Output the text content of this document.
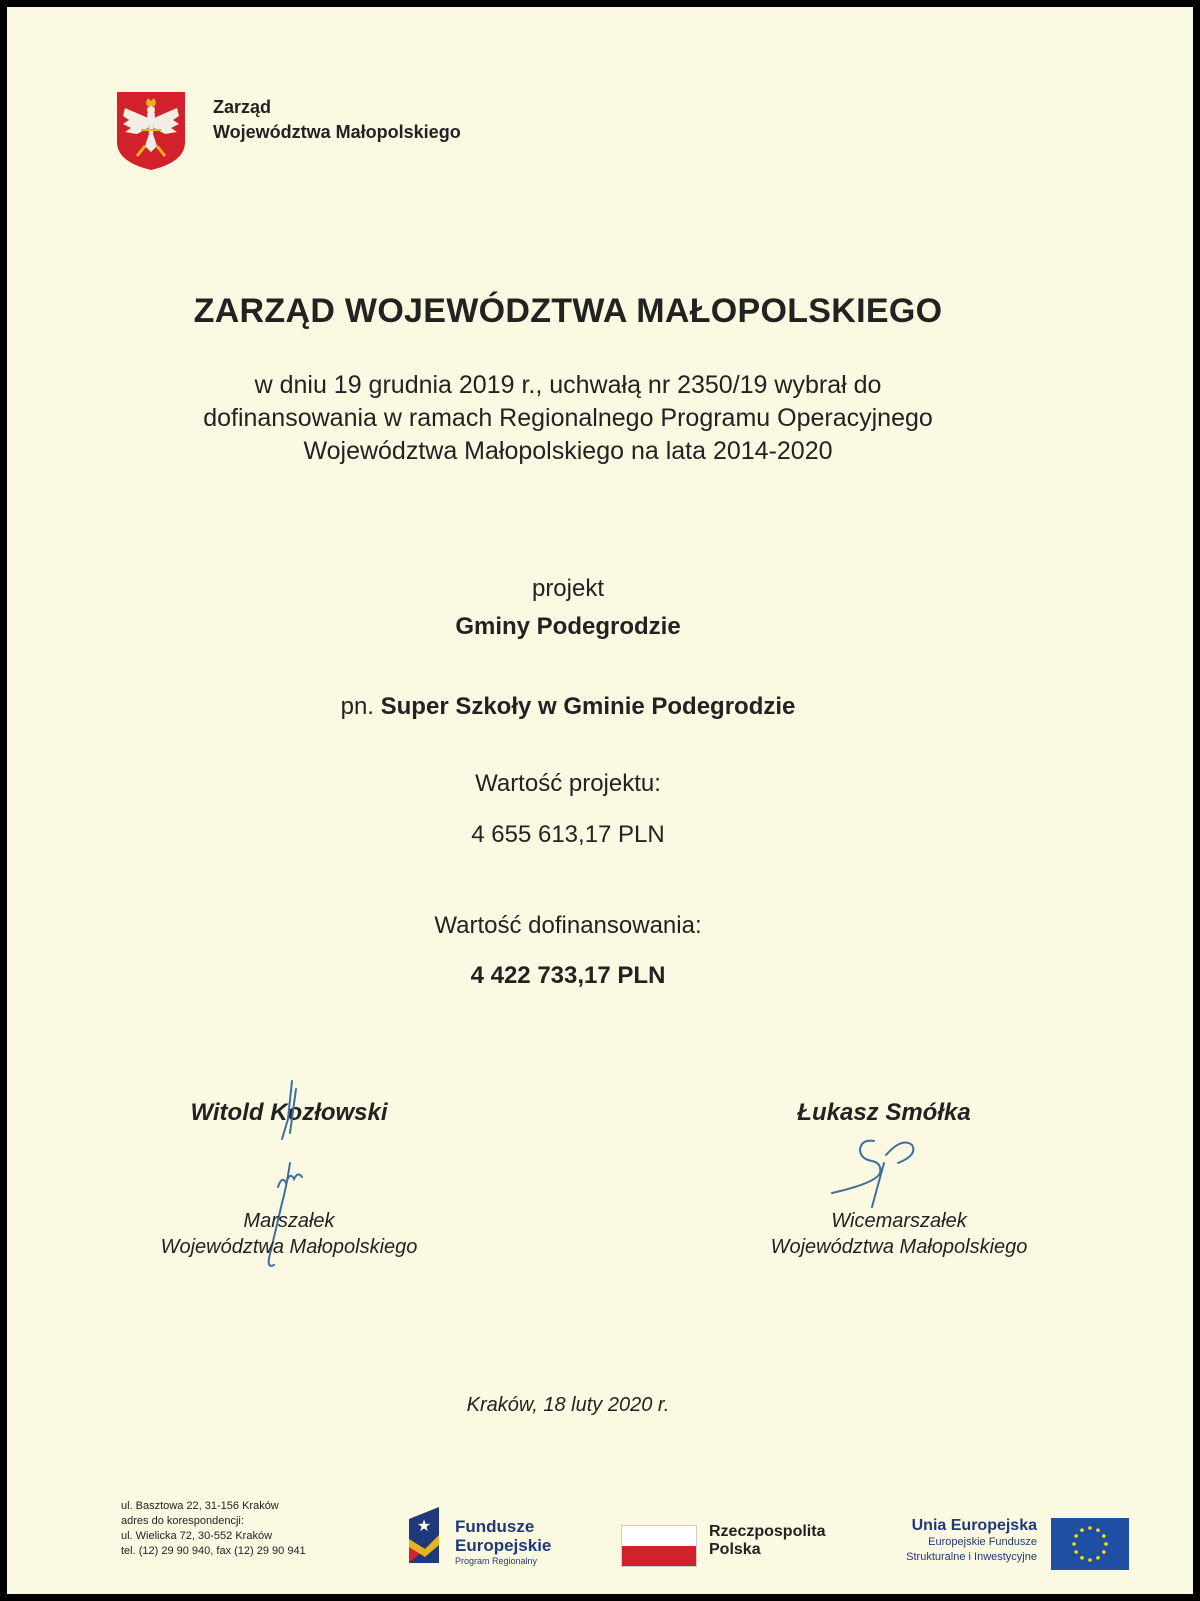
Zarząd
Województwa Małopolskiego
ZARZĄD WOJEWÓDZTWA MAŁOPOLSKIEGO
w dniu 19 grudnia 2019 r., uchwałą nr 2350/19 wybrał do
dofinansowania w ramach Regionalnego Programu Operacyjnego
Województwa Małopolskiego na lata 2014-2020
projekt
Gminy Podegrodzie
pn. Super Szkoły w Gminie Podegrodzie
Wartość projektu:
4 655 613,17 PLN
Wartość dofinansowania:
4 422 733,17 PLN
Witold Kozłowski	Łukasz Smółka
Marszałek
Województwa Małopolskiego
Wicemarszałek
Województwa Małopolskiego
Kraków, 18 luty 2020 r.
ul. Basztowa 22, 31-156 Kraków
adres do korespondencji:
ul. Wielicka 72, 30-552 Kraków
tel. (12) 29 90 940, fax (12) 29 90 941
★ Fundusze
Europejskie
Program Regionalny
Rzeczpospolita
Polska
Unia Europejska
Europejskie Fundusze
Strukturalne i Inwestycyjne
